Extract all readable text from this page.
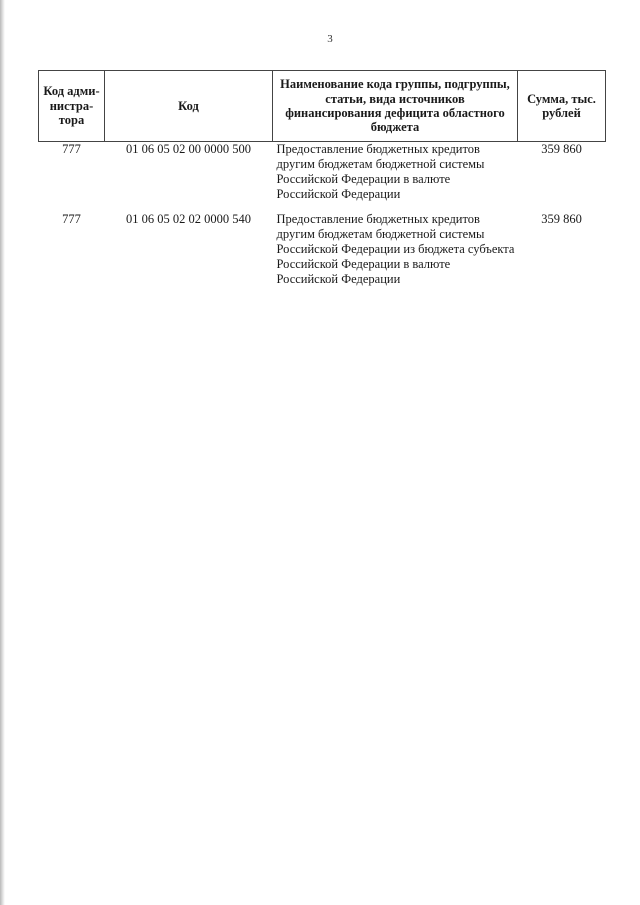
3
Код адми-нистра-тора	Код	Наименование кода группы, подгруппы, статьи, вида источников финансирования дефицита областного бюджета	Сумма, тыс. рублей
777	01 06 05 02 00 0000 500	Предоставление бюджетных кредитов другим бюджетам бюджетной системы Российской Федерации в валюте Российской Федерации	359 860
777	01 06 05 02 02 0000 540	Предоставление бюджетных кредитов другим бюджетам бюджетной системы Российской Федерации из бюджета субъекта Российской Федерации в валюте Российской Федерации	359 860
